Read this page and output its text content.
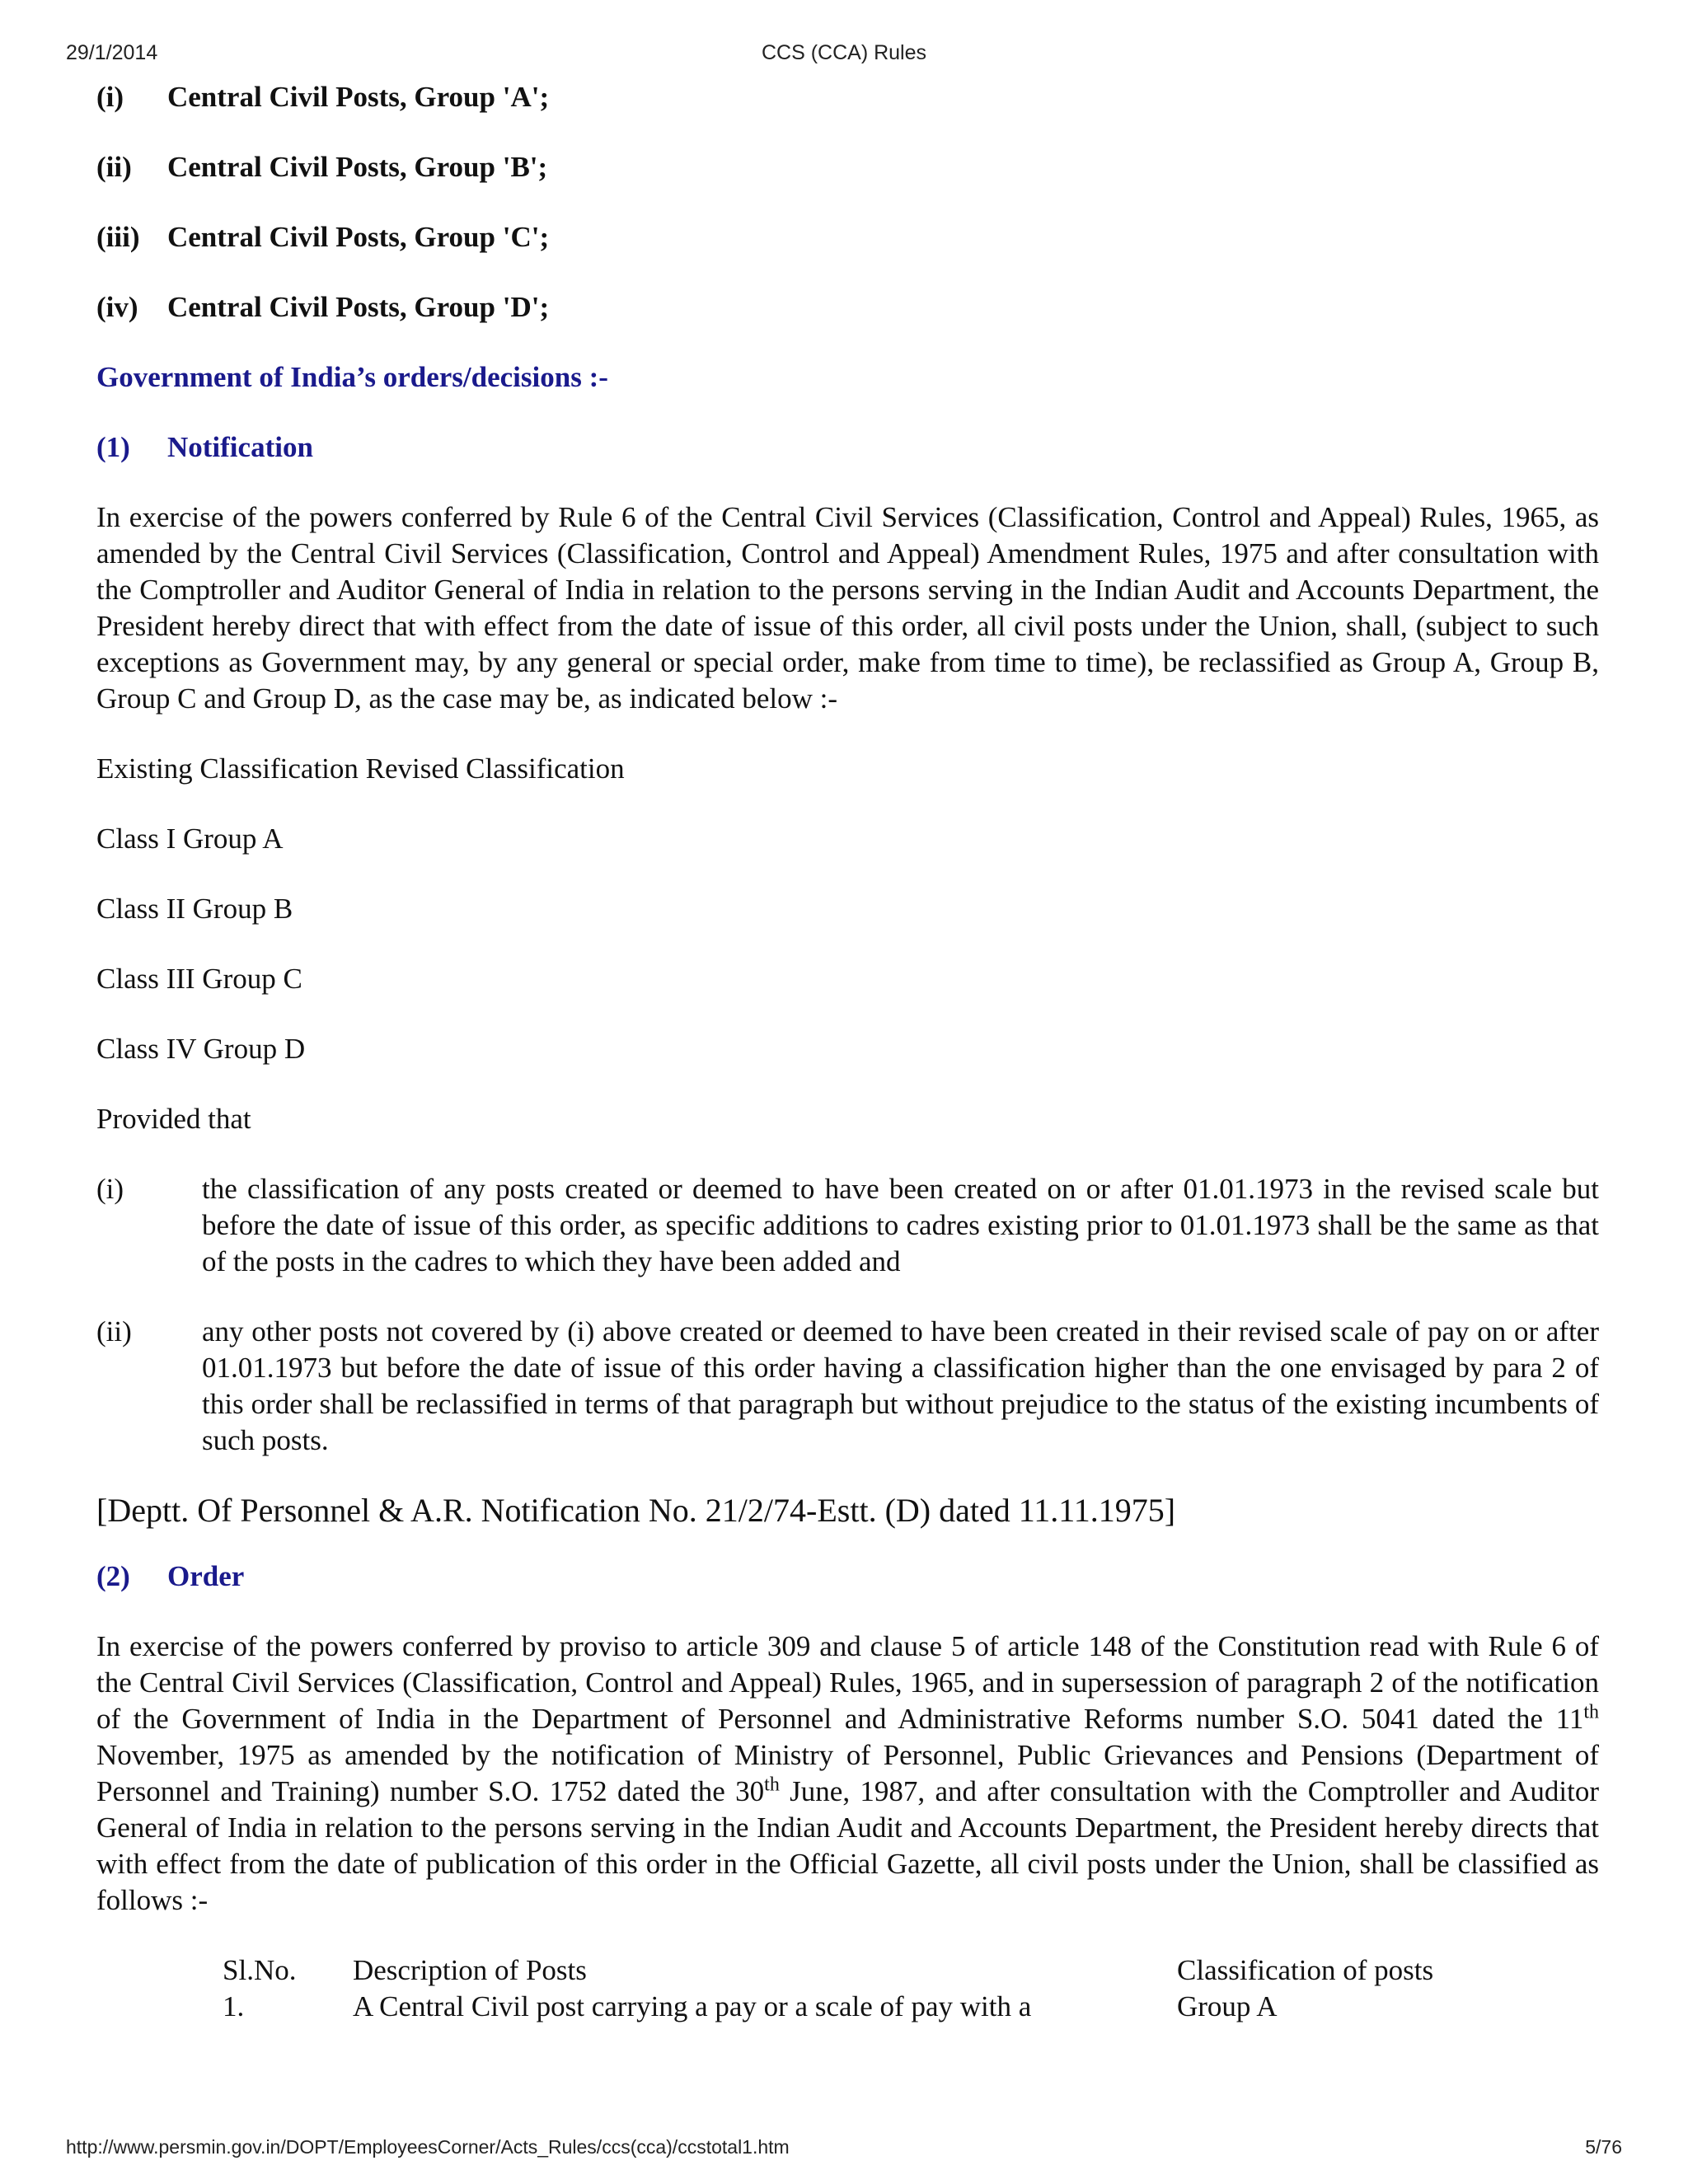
29/1/2014	CCS (CCA) Rules
(i)	Central Civil Posts, Group 'A';
(ii)	Central Civil Posts, Group 'B';
(iii) Central Civil Posts, Group 'C';
(iv)	Central Civil Posts, Group 'D';
Government of India’s orders/decisions :-
(1)	Notification

In exercise of the powers conferred by Rule 6 of the Central Civil Services (Classification, Control and Appeal) Rules, 1965, as amended by the Central Civil Services (Classification, Control and Appeal) Amendment Rules, 1975 and after consultation with the Comptroller and Auditor General of India in relation to the persons serving in the Indian Audit and Accounts Department, the President hereby direct that with effect from the date of issue of this order, all civil posts under the Union, shall, (subject to such exceptions as Government may, by any general or special order, make from time to time), be reclassified as Group A, Group B, Group C and Group D, as the case may be, as indicated below :-

Existing Classification Revised Classification
Class I Group A
Class II Group B
Class III Group C
Class IV Group D
Provided that
(i)	the classification of any posts created or deemed to have been created on or after 01.01.1973 in the revised scale but before the date of issue of this order, as specific additions to cadres existing prior to 01.01.1973 shall be the same as that of the posts in the cadres to which they have been added and
(ii)	any other posts not covered by (i) above created or deemed to have been created in their revised scale of pay on or after 01.01.1973 but before the date of issue of this order having a classification higher than the one envisaged by para 2 of this order shall be reclassified in terms of that paragraph but without prejudice to the status of the existing incumbents of such posts.
[Deptt. Of Personnel & A.R. Notification No. 21/2/74-Estt. (D) dated 11.11.1975]
(2)	Order

In exercise of the powers conferred by proviso to article 309 and clause 5 of article 148 of the Constitution read with Rule 6 of the Central Civil Services (Classification, Control and Appeal) Rules, 1965, and in supersession of paragraph 2 of the notification of the Government of India in the Department of Personnel and Administrative Reforms number S.O. 5041 dated the 11th November, 1975 as amended by the notification of Ministry of Personnel, Public Grievances and Pensions (Department of Personnel and Training) number S.O. 1752 dated the 30th June, 1987, and after consultation with the Comptroller and Auditor General of India in relation to the persons serving in the Indian Audit and Accounts Department, the President hereby directs that with effect from the date of publication of this order in the Official Gazette, all civil posts under the Union, shall be classified as follows :-

Sl.No.	Description of Posts	Classification of posts
1.	A Central Civil post carrying a pay or a scale of pay with a	Group A
http://www.persmin.gov.in/DOPT/EmployeesCorner/Acts_Rules/ccs(cca)/ccstotal1.htm	5/76
